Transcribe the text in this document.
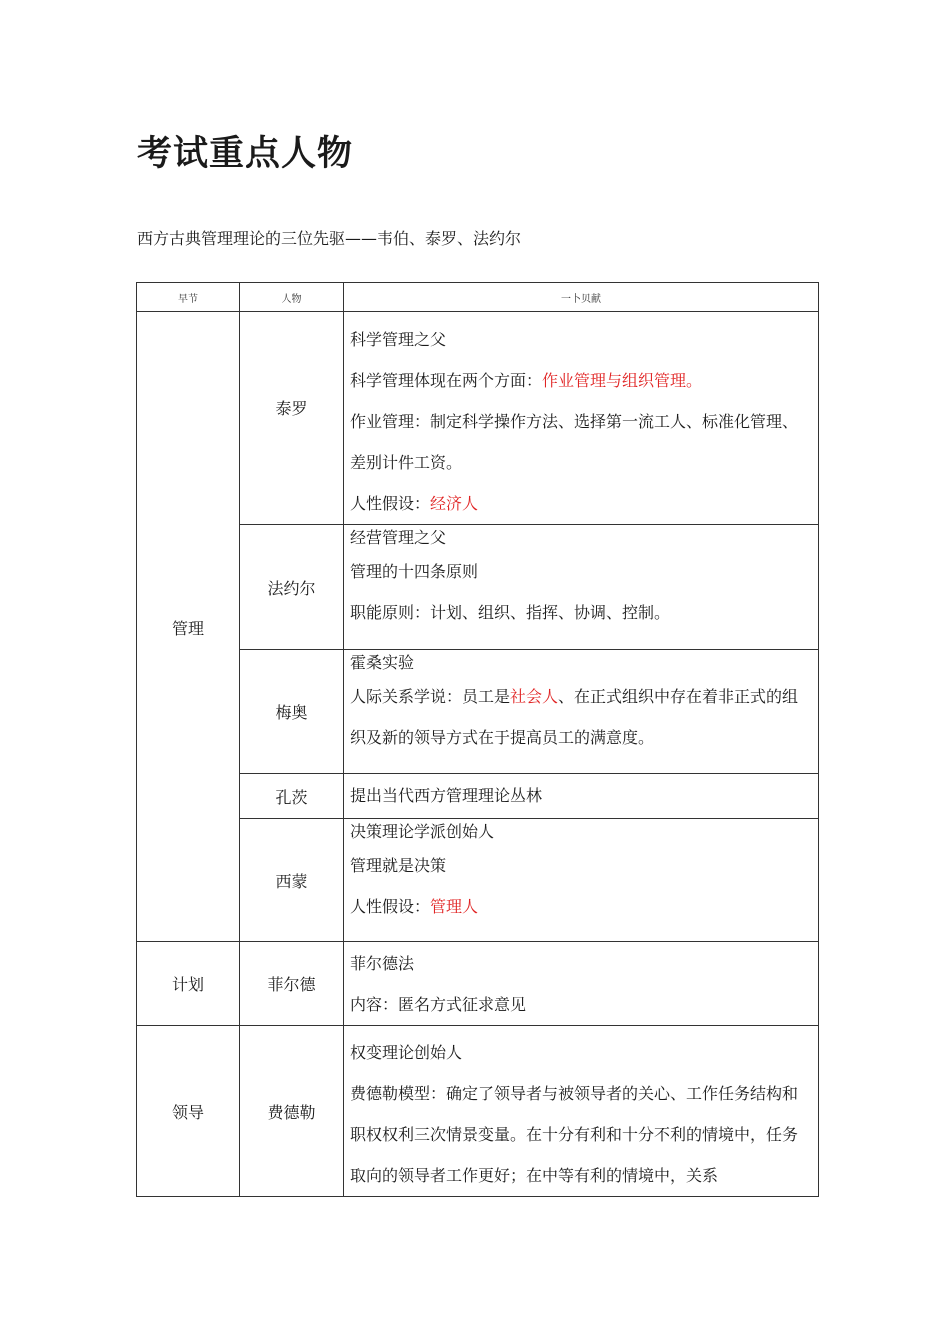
考试重点人物

西方古典管理理论的三位先驱——韦伯、泰罗、法约尔

早节	人物	⼀卜贝献
管理	泰罗	科学管理之父
科学管理体现在两个方面：作业管理与组织管理。
作业管理：制定科学操作方法、选择第一流工人、标准化管理、差别计件工资。
人性假设：经济人

	法约尔	经营管理之父
管理的十四条原则
职能原则：计划、组织、指挥、协调、控制。

	梅奥	霍桑实验
人际关系学说：员工是社会人、在正式组织中存在着非正式的组织及新的领导方式在于提高员工的满意度。

	孔茨	提出当代西方管理理论丛林

	西蒙	决策理论学派创始人
管理就是决策
人性假设：管理人

计划	菲尔德	菲尔德法
内容：匿名方式征求意见

领导	费德勒	权变理论创始人
费德勒模型：确定了领导者与被领导者的关心、工作任务结构和职权权利三次情景变量。在十分有利和十分不利的情境中，任务取向的领导者工作更好；在中等有利的情境中，关系
